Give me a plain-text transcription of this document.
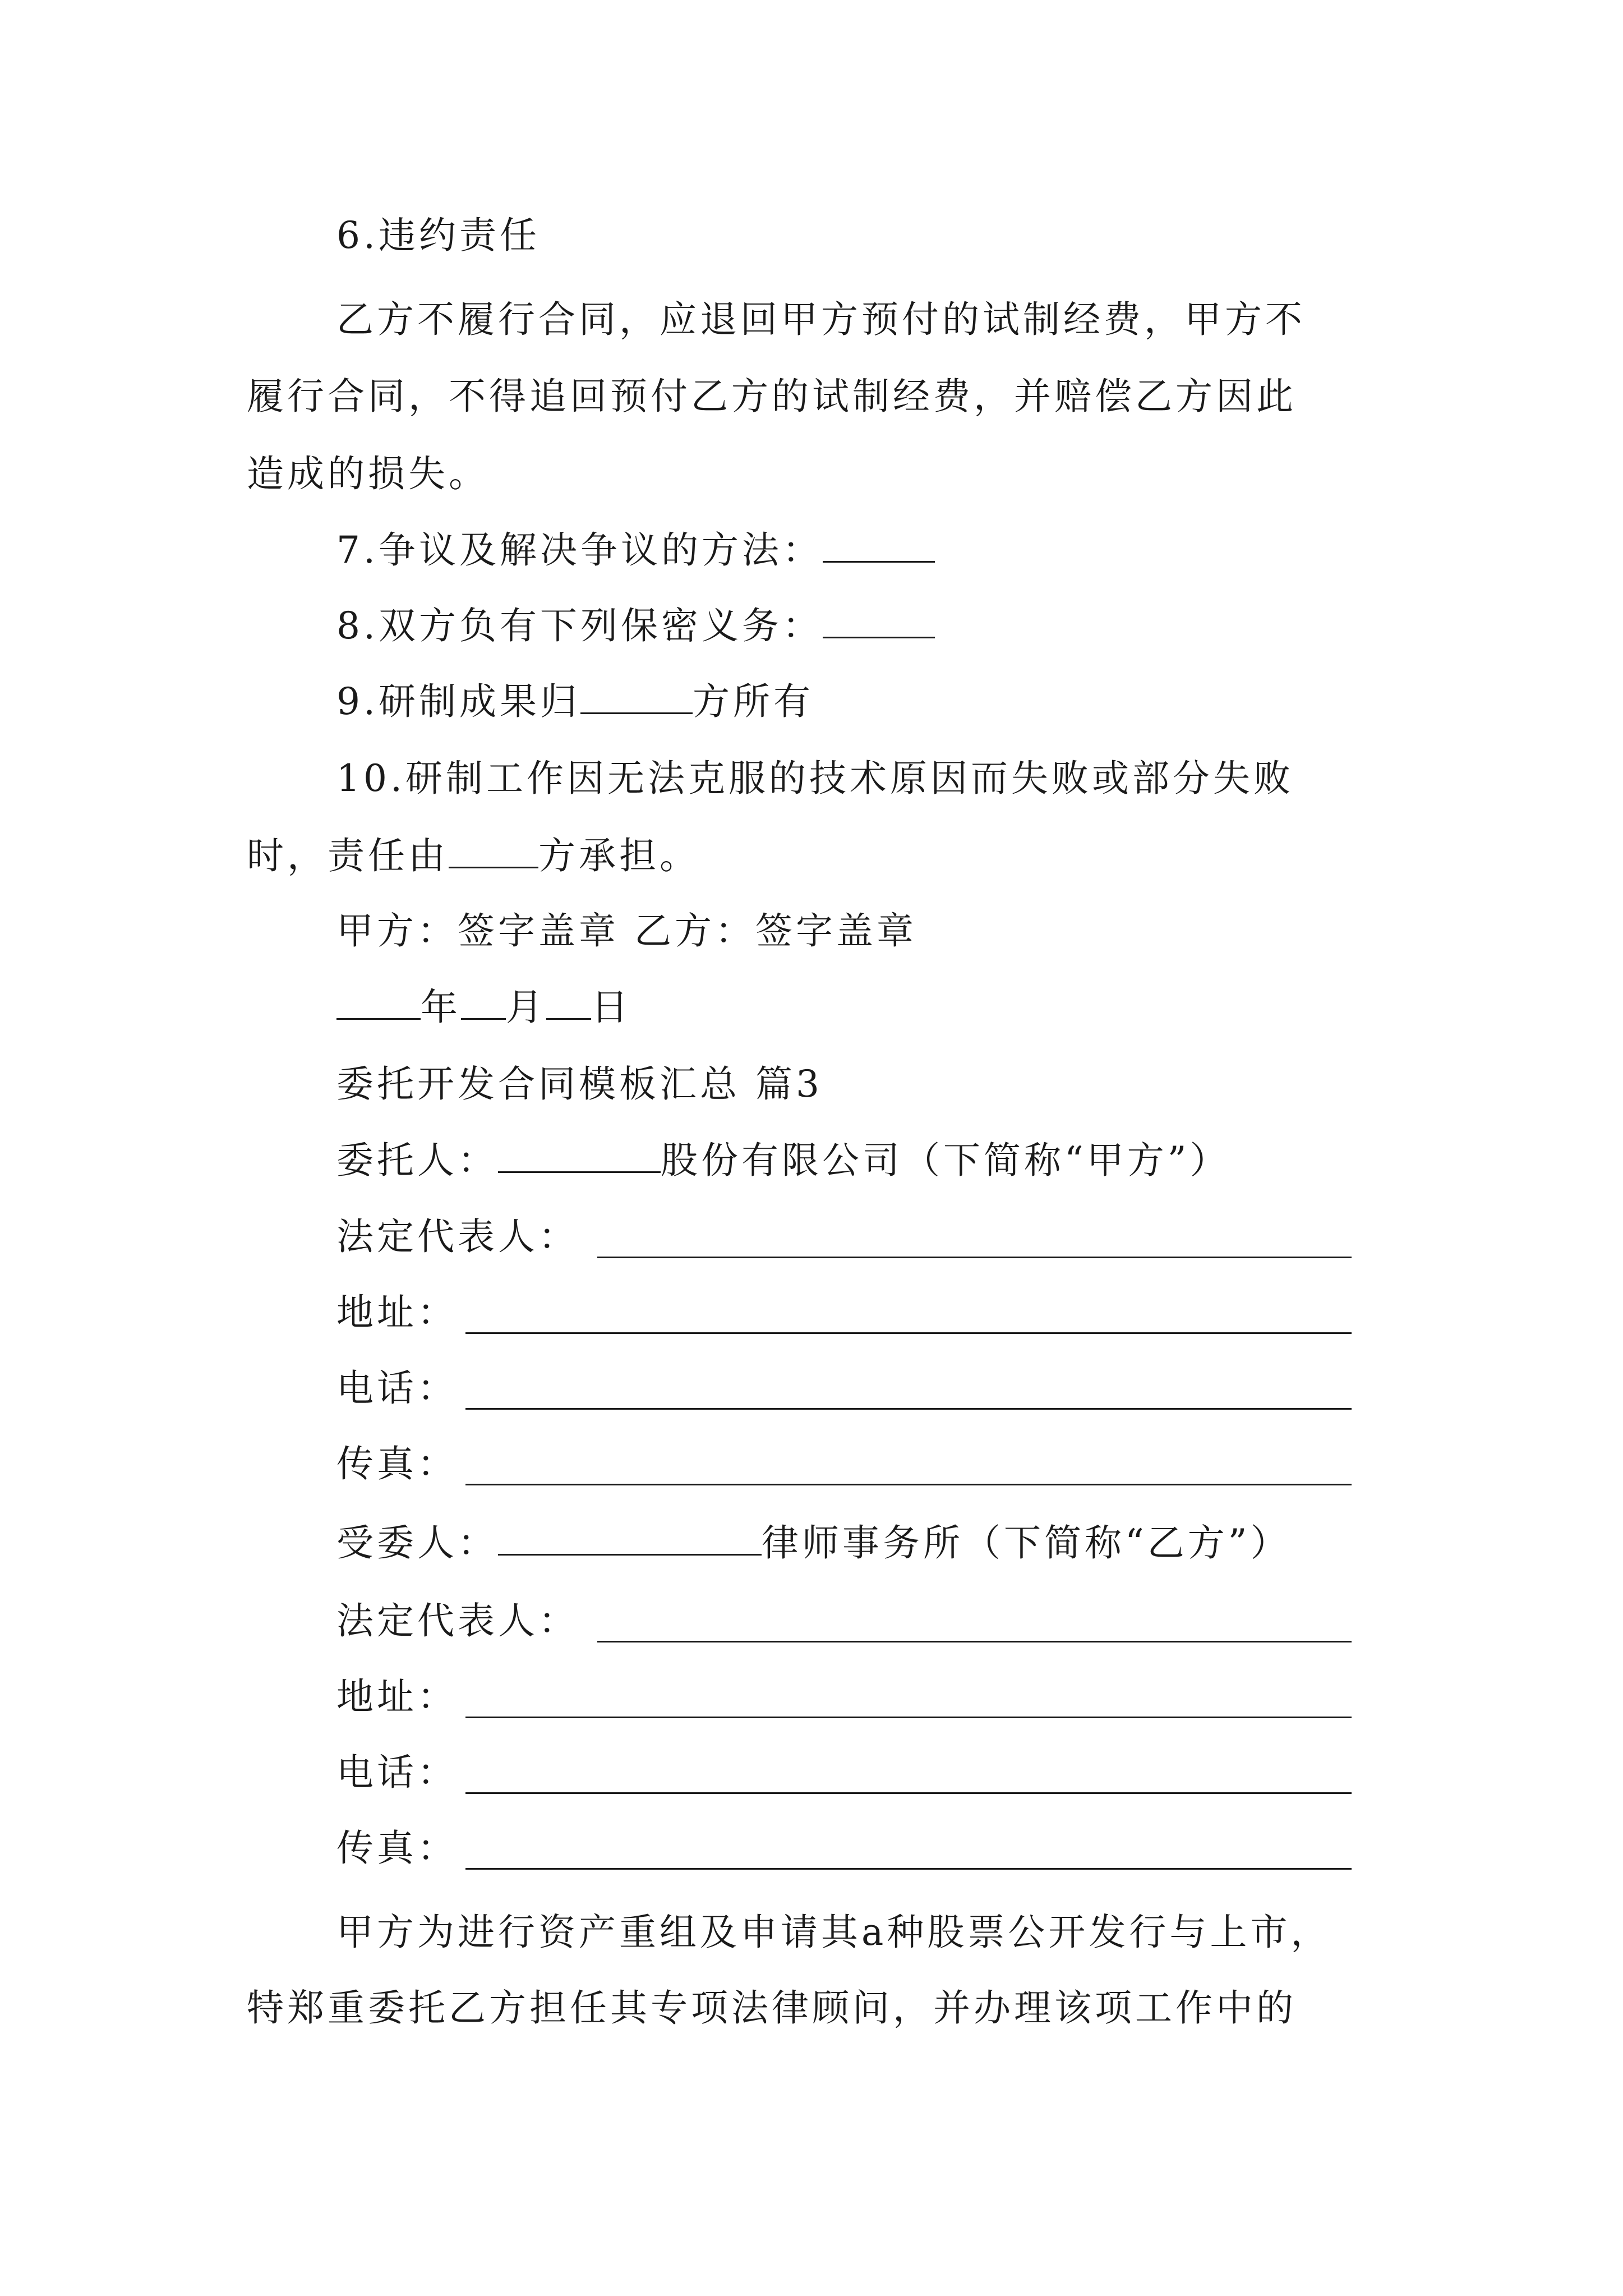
6.违约责任
乙方不履行合同，应退回甲方预付的试制经费，甲方不
履行合同，不得追回预付乙方的试制经费，并赔偿乙方因此
造成的损失。
7.争议及解决争议的方法：
8.双方负有下列保密义务：
9.研制成果归	方所有
10.研制工作因无法克服的技术原因而失败或部分失败
时，责任由 方承担。
甲方：签字盖章 乙方：签字盖章
年 月 日
委托开发合同模板汇总 篇3
委托人：	股份有限公司（下简称“甲方”）
法定代表人：
地址：
电话：
传真：
受委人：	律师事务所（下简称“乙方”）
法定代表人：
地址：
电话：
传真：
甲方为进行资产重组及申请其a种股票公开发行与上市，
特郑重委托乙方担任其专项法律顾问，并办理该项工作中的
